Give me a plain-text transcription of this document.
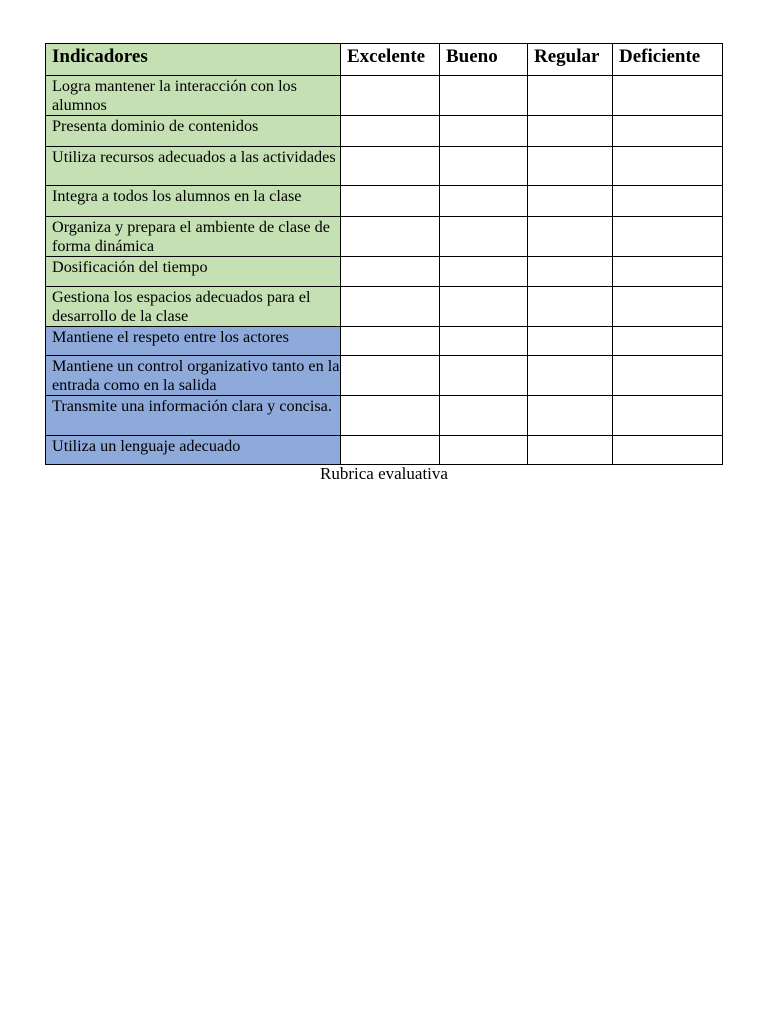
Indicadores	Excelente	Bueno	Regular	Deficiente
Logra mantener la interacción con los alumnos				
Presenta dominio de contenidos				
Utiliza recursos adecuados a las actividades				
Integra a todos los alumnos en la clase				
Organiza y prepara el ambiente de clase de forma dinámica				
Dosificación del tiempo				
Gestiona los espacios adecuados para el desarrollo de la clase				
Mantiene el respeto entre los actores				
Mantiene un control organizativo tanto en la entrada como en la salida				
Transmite una información clara y concisa.				
Utiliza un lenguaje adecuado				
Rubrica evaluativa
